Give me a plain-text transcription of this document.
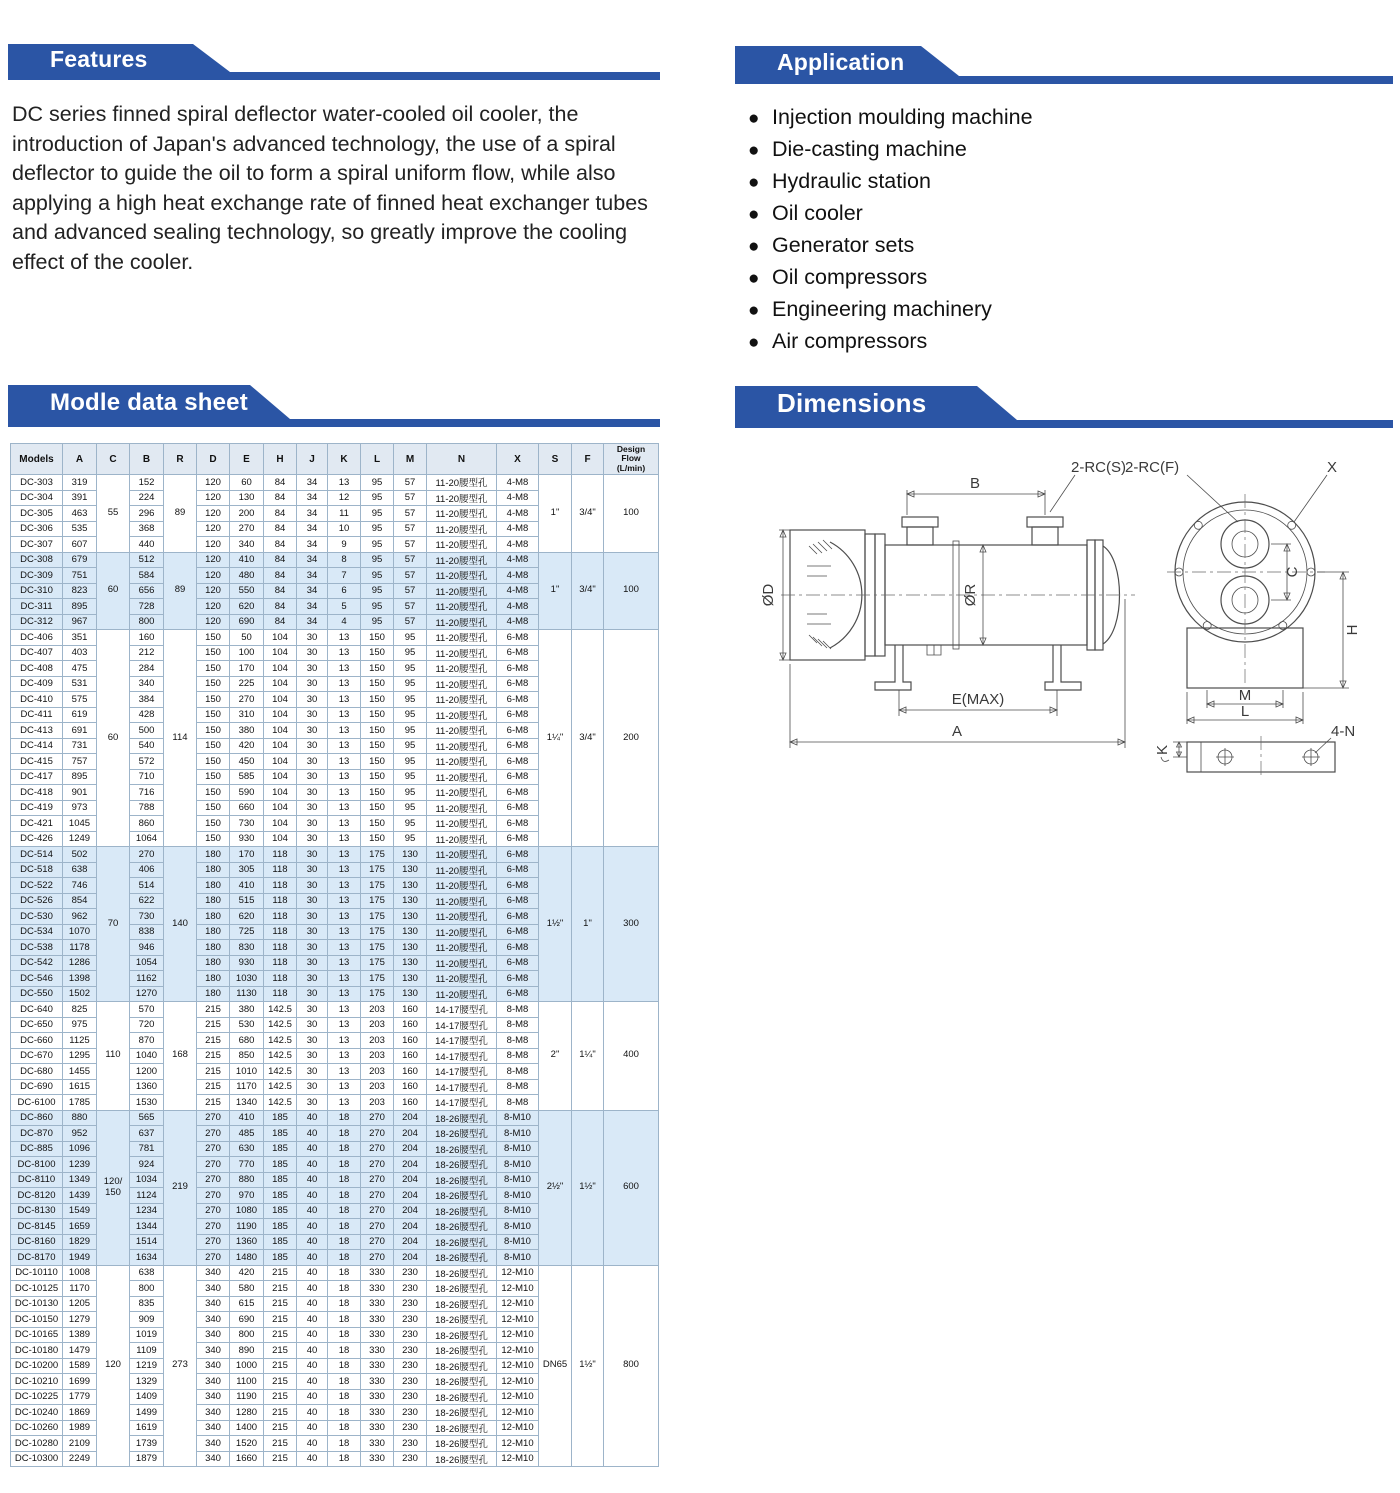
Features	Application
Modle data sheet	Dimensions

DC series finned spiral deflector water-cooled oil cooler, the introduction of Japan's advanced technology, the use of a spiral deflector to guide the oil to form a spiral uniform flow, while also applying a high heat exchange rate of finned heat exchanger tubes and advanced sealing technology, so greatly improve the cooling effect of the cooler.

● Injection moulding machine
● Die-casting machine
● Hydraulic station
● Oil cooler
● Generator sets
● Oil compressors
● Engineering machinery
● Air compressors
Models	A	C	B	R	D	E	H	J	K	L	M	N	X	S	F	Design
Flow
(L/min)

DC-303	319	55	152	89	120	60	84	34	13	95	57	11-20腰型孔	4-M8	1"	3/4"	100
DC-304	391		224		120	130	84	34	12	95	57	11-20腰型孔	4-M8			
DC-305	463		296		120	200	84	34	11	95	57	11-20腰型孔	4-M8			
DC-306	535		368		120	270	84	34	10	95	57	11-20腰型孔	4-M8			
DC-307	607		440		120	340	84	34	9	95	57	11-20腰型孔	4-M8			
DC-308	679	60	512	89	120	410	84	34	8	95	57	11-20腰型孔	4-M8	1"	3/4"	100
DC-309	751		584		120	480	84	34	7	95	57	11-20腰型孔	4-M8			
DC-310	823		656		120	550	84	34	6	95	57	11-20腰型孔	4-M8			
DC-311	895		728		120	620	84	34	5	95	57	11-20腰型孔	4-M8			
DC-312	967		800		120	690	84	34	4	95	57	11-20腰型孔	4-M8			
DC-406	351	60	160	114	150	50	104	30	13	150	95	11-20腰型孔	6-M8	1¼"	3/4"	200
DC-407	403		212		150	100	104	30	13	150	95	11-20腰型孔	6-M8			
DC-408	475		284		150	170	104	30	13	150	95	11-20腰型孔	6-M8			
DC-409	531		340		150	225	104	30	13	150	95	11-20腰型孔	6-M8			
DC-410	575		384		150	270	104	30	13	150	95	11-20腰型孔	6-M8			
DC-411	619		428		150	310	104	30	13	150	95	11-20腰型孔	6-M8			
DC-413	691		500		150	380	104	30	13	150	95	11-20腰型孔	6-M8			
DC-414	731		540		150	420	104	30	13	150	95	11-20腰型孔	6-M8			
DC-415	757		572		150	450	104	30	13	150	95	11-20腰型孔	6-M8			
DC-417	895		710		150	585	104	30	13	150	95	11-20腰型孔	6-M8			
DC-418	901		716		150	590	104	30	13	150	95	11-20腰型孔	6-M8			
DC-419	973		788		150	660	104	30	13	150	95	11-20腰型孔	6-M8			
DC-421	1045		860		150	730	104	30	13	150	95	11-20腰型孔	6-M8			
DC-426	1249		1064		150	930	104	30	13	150	95	11-20腰型孔	6-M8			
DC-514	502	70	270	140	180	170	118	30	13	175	130	11-20腰型孔	6-M8	1½"	1"	300
DC-518	638		406		180	305	118	30	13	175	130	11-20腰型孔	6-M8			
DC-522	746		514		180	410	118	30	13	175	130	11-20腰型孔	6-M8			
DC-526	854		622		180	515	118	30	13	175	130	11-20腰型孔	6-M8			
DC-530	962		730		180	620	118	30	13	175	130	11-20腰型孔	6-M8			
DC-534	1070		838		180	725	118	30	13	175	130	11-20腰型孔	6-M8			
DC-538	1178		946		180	830	118	30	13	175	130	11-20腰型孔	6-M8			
DC-542	1286		1054		180	930	118	30	13	175	130	11-20腰型孔	6-M8			
DC-546	1398		1162		180	1030	118	30	13	175	130	11-20腰型孔	6-M8			
DC-550	1502		1270		180	1130	118	30	13	175	130	11-20腰型孔	6-M8			
DC-640	825	110	570	168	215	380	142.5	30	13	203	160	14-17腰型孔	8-M8	2"	1¼"	400
DC-650	975		720		215	530	142.5	30	13	203	160	14-17腰型孔	8-M8			
DC-660	1125		870		215	680	142.5	30	13	203	160	14-17腰型孔	8-M8			
DC-670	1295		1040		215	850	142.5	30	13	203	160	14-17腰型孔	8-M8			
DC-680	1455		1200		215	1010	142.5	30	13	203	160	14-17腰型孔	8-M8			
DC-690	1615		1360		215	1170	142.5	30	13	203	160	14-17腰型孔	8-M8			
DC-6100	1785		1530		215	1340	142.5	30	13	203	160	14-17腰型孔	8-M8			
DC-860	880	120/ 150	565	219	270	410	185	40	18	270	204	18-26腰型孔	8-M10	2½"	1½"	600
DC-870	952		637		270	485	185	40	18	270	204	18-26腰型孔	8-M10			
DC-885	1096		781		270	630	185	40	18	270	204	18-26腰型孔	8-M10			
DC-8100	1239		924		270	770	185	40	18	270	204	18-26腰型孔	8-M10			
DC-8110	1349		1034		270	880	185	40	18	270	204	18-26腰型孔	8-M10			
DC-8120	1439		1124		270	970	185	40	18	270	204	18-26腰型孔	8-M10			
DC-8130	1549		1234		270	1080	185	40	18	270	204	18-26腰型孔	8-M10			
DC-8145	1659		1344		270	1190	185	40	18	270	204	18-26腰型孔	8-M10			
DC-8160	1829		1514		270	1360	185	40	18	270	204	18-26腰型孔	8-M10			
DC-8170	1949		1634		270	1480	185	40	18	270	204	18-26腰型孔	8-M10			
DC-10110	1008	120	638	273	340	420	215	40	18	330	230	18-26腰型孔	12-M10	DN65	1½"	800
DC-10125	1170		800		340	580	215	40	18	330	230	18-26腰型孔	12-M10			
DC-10130	1205		835		340	615	215	40	18	330	230	18-26腰型孔	12-M10			
DC-10150	1279		909		340	690	215	40	18	330	230	18-26腰型孔	12-M10			
DC-10165	1389		1019		340	800	215	40	18	330	230	18-26腰型孔	12-M10			
DC-10180	1479		1109		340	890	215	40	18	330	230	18-26腰型孔	12-M10			
DC-10200	1589		1219		340	1000	215	40	18	330	230	18-26腰型孔	12-M10			
DC-10210	1699		1329		340	1100	215	40	18	330	230	18-26腰型孔	12-M10			
DC-10225	1779		1409		340	1190	215	40	18	330	230	18-26腰型孔	12-M10			
DC-10240	1869		1499		340	1280	215	40	18	330	230	18-26腰型孔	12-M10			
DC-10260	1989		1619		340	1400	215	40	18	330	230	18-26腰型孔	12-M10			
DC-10280	2109		1739		340	1520	215	40	18	330	230	18-26腰型孔	12-M10			
DC-10300	2249		1879		340	1660	215	40	18	330	230	18-26腰型孔	12-M10			
ØD	ØR
B
2-RC(S)
E(MAX)
A
C
H
M
L
2-RC(F)	X
4-N
K
